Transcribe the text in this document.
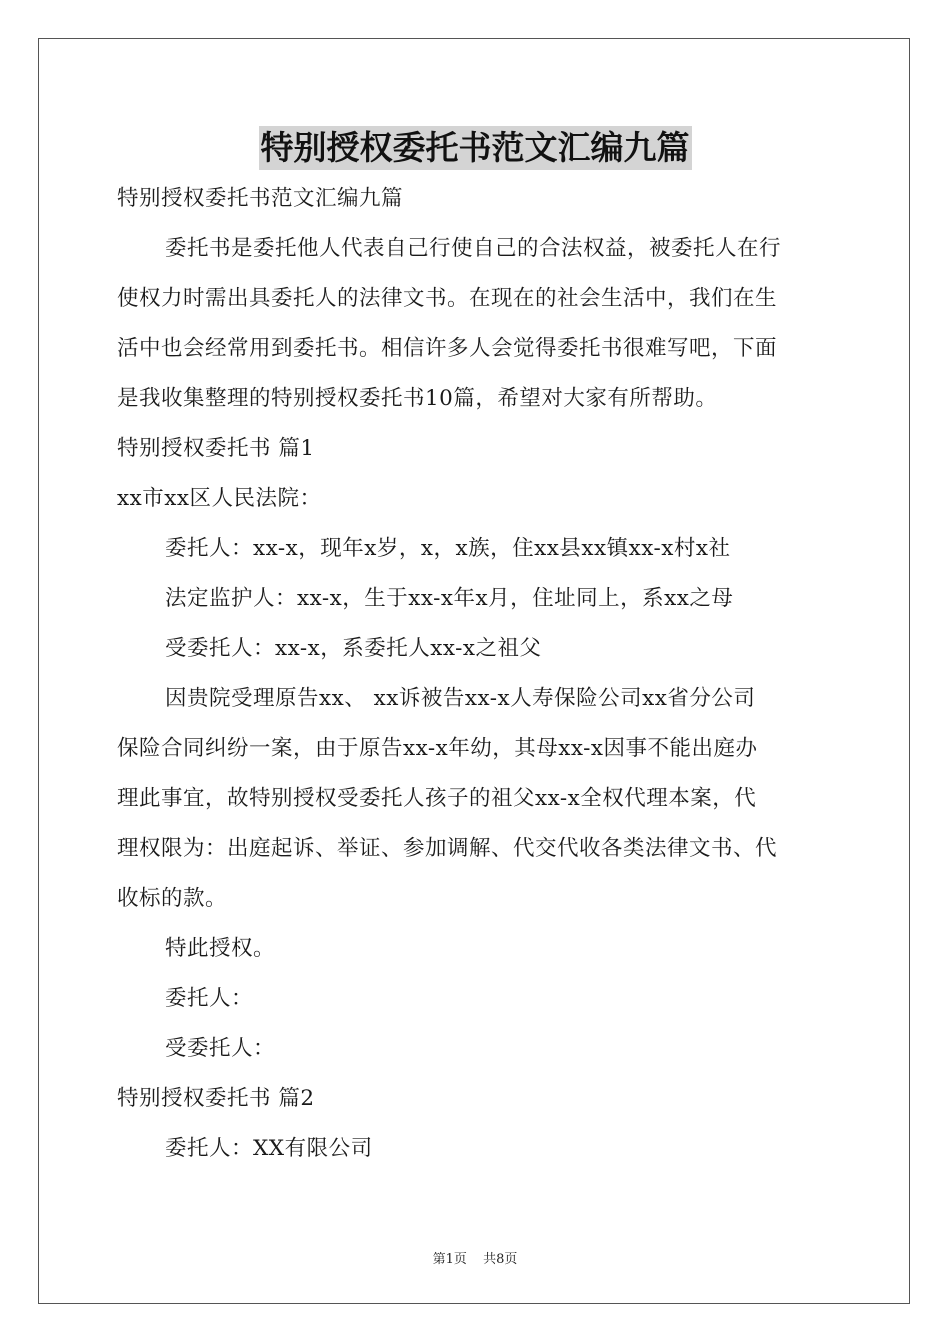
特别授权委托书范文汇编九篇
特别授权委托书范文汇编九篇
委托书是委托他人代表自己行使自己的合法权益，被委托人在行
使权力时需出具委托人的法律文书。在现在的社会生活中，我们在生
活中也会经常用到委托书。相信许多人会觉得委托书很难写吧，下面
是我收集整理的特别授权委托书10篇，希望对大家有所帮助。
特别授权委托书 篇1
xx市xx区人民法院：
委托人：xx-x，现年x岁，x，x族，住xx县xx镇xx-x村x社
法定监护人：xx-x，生于xx-x年x月，住址同上，系xx之母
受委托人：xx-x，系委托人xx-x之祖父
因贵院受理原告xx、 xx诉被告xx-x人寿保险公司xx省分公司
保险合同纠纷一案，由于原告xx-x年幼，其母xx-x因事不能出庭办
理此事宜，故特别授权受委托人孩子的祖父xx-x全权代理本案，代
理权限为：出庭起诉、举证、参加调解、代交代收各类法律文书、代
收标的款。
特此授权。
委托人：
受委托人：
特别授权委托书 篇2
委托人：XX有限公司
第1页 共8页
